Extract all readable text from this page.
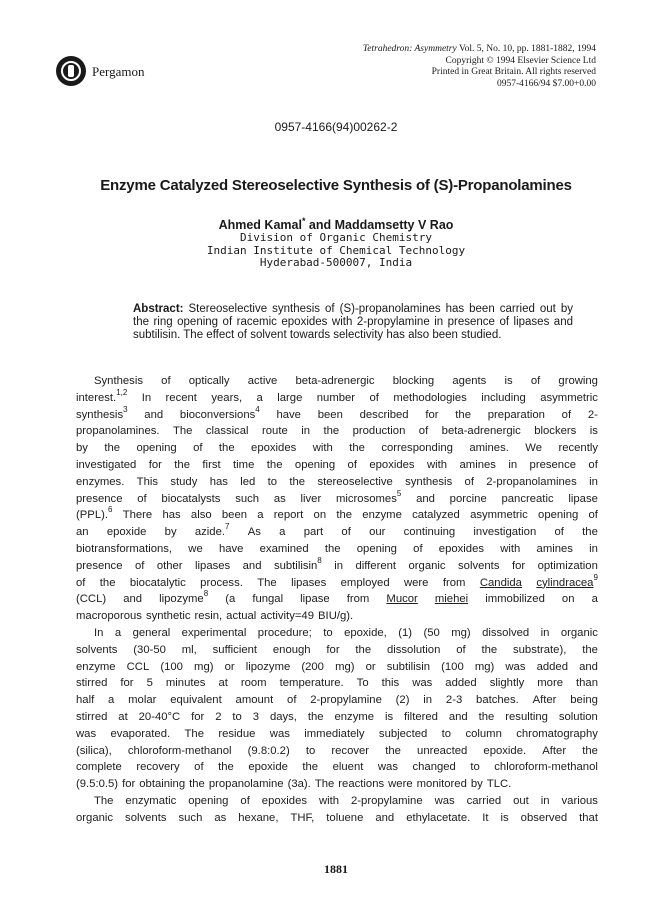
Pergamon
Tetrahedron: Asymmetry Vol. 5, No. 10, pp. 1881-1882, 1994
Copyright © 1994 Elsevier Science Ltd
Printed in Great Britain. All rights reserved
0957-4166/94 $7.00+0.00
0957-4166(94)00262-2
Enzyme Catalyzed Stereoselective Synthesis of (S)-Propanolamines
Ahmed Kamal* and Maddamsetty V Rao
Division of Organic Chemistry
Indian Institute of Chemical Technology
Hyderabad-500007, India
Abstract: Stereoselective synthesis of (S)-propanolamines has been carried out by the ring opening of racemic epoxides with 2-propylamine in presence of lipases and subtilisin. The effect of solvent towards selectivity has also been studied.
Synthesis of optically active beta-adrenergic blocking agents is of growing
interest.$^{1,2}$ In recent years, a large number of methodologies including asymmetric
synthesis$^3$ and bioconversions$^4$ have been described for the preparation of 2-
propanolamines. The classical route in the production of beta-adrenergic blockers is
by the opening of the epoxides with the corresponding amines. We recently
investigated for the first time the opening of epoxides with amines in presence of
enzymes. This study has led to the stereoselective synthesis of 2-propanolamines in
presence of biocatalysts such as liver microsomes$^5$ and porcine pancreatic lipase
(PPL).$^6$ There has also been a report on the enzyme catalyzed asymmetric opening of
an epoxide by azide.$^7$ As a part of our continuing investigation of the
biotransformations, we have examined the opening of epoxides with amines in
presence of other lipases and subtilisin$^8$ in different organic solvents for optimization
of the biocatalytic process. The lipases employed were from Candida cylindracea$^9$
(CCL) and lipozyme$^8$ (a fungal lipase from Mucor miehei immobilized on a
macroporous synthetic resin, actual activity=49 BIU/g).
In a general experimental procedure; to epoxide, (1) (50 mg) dissolved in organic
solvents (30-50 ml, sufficient enough for the dissolution of the substrate), the
enzyme CCL (100 mg) or lipozyme (200 mg) or subtilisin (100 mg) was added and
stirred for 5 minutes at room temperature. To this was added slightly more than
half a molar equivalent amount of 2-propylamine (2) in 2-3 batches. After being
stirred at 20-40°C for 2 to 3 days, the enzyme is filtered and the resulting solution
was evaporated. The residue was immediately subjected to column chromatography
(silica), chloroform-methanol (9.8:0.2) to recover the unreacted epoxide. After the
complete recovery of the epoxide the eluent was changed to chloroform-methanol
(9.5:0.5) for obtaining the propanolamine (3a). The reactions were monitored by TLC.
The enzymatic opening of epoxides with 2-propylamine was carried out in various
organic solvents such as hexane, THF, toluene and ethylacetate. It is observed that
1881
